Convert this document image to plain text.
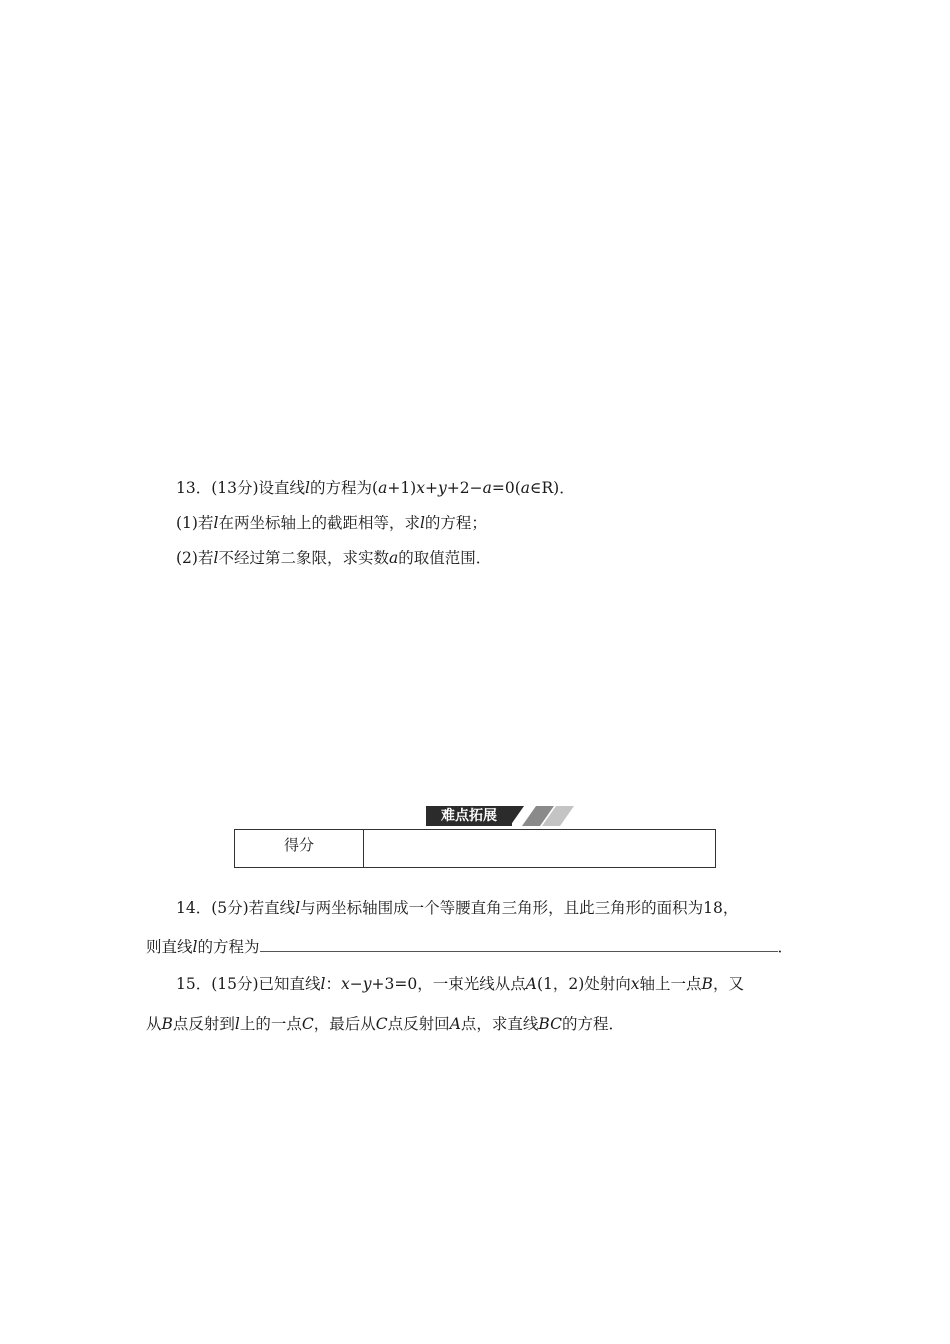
13．(13分)设直线l的方程为(a+1)x+y+2−a=0(a∈R)．
(1)若l在两坐标轴上的截距相等，求l的方程；
(2)若l不经过第二象限，求实数a的取值范围．
难点拓展
得分	
14．(5分)若直线l与两坐标轴围成一个等腰直角三角形，且此三角形的面积为18，
则直线l的方程为	．
15．(15分)已知直线l：x−y+3=0，一束光线从点A(1，2)处射向x轴上一点B，又
从B点反射到l上的一点C，最后从C点反射回A点，求直线BC的方程．
